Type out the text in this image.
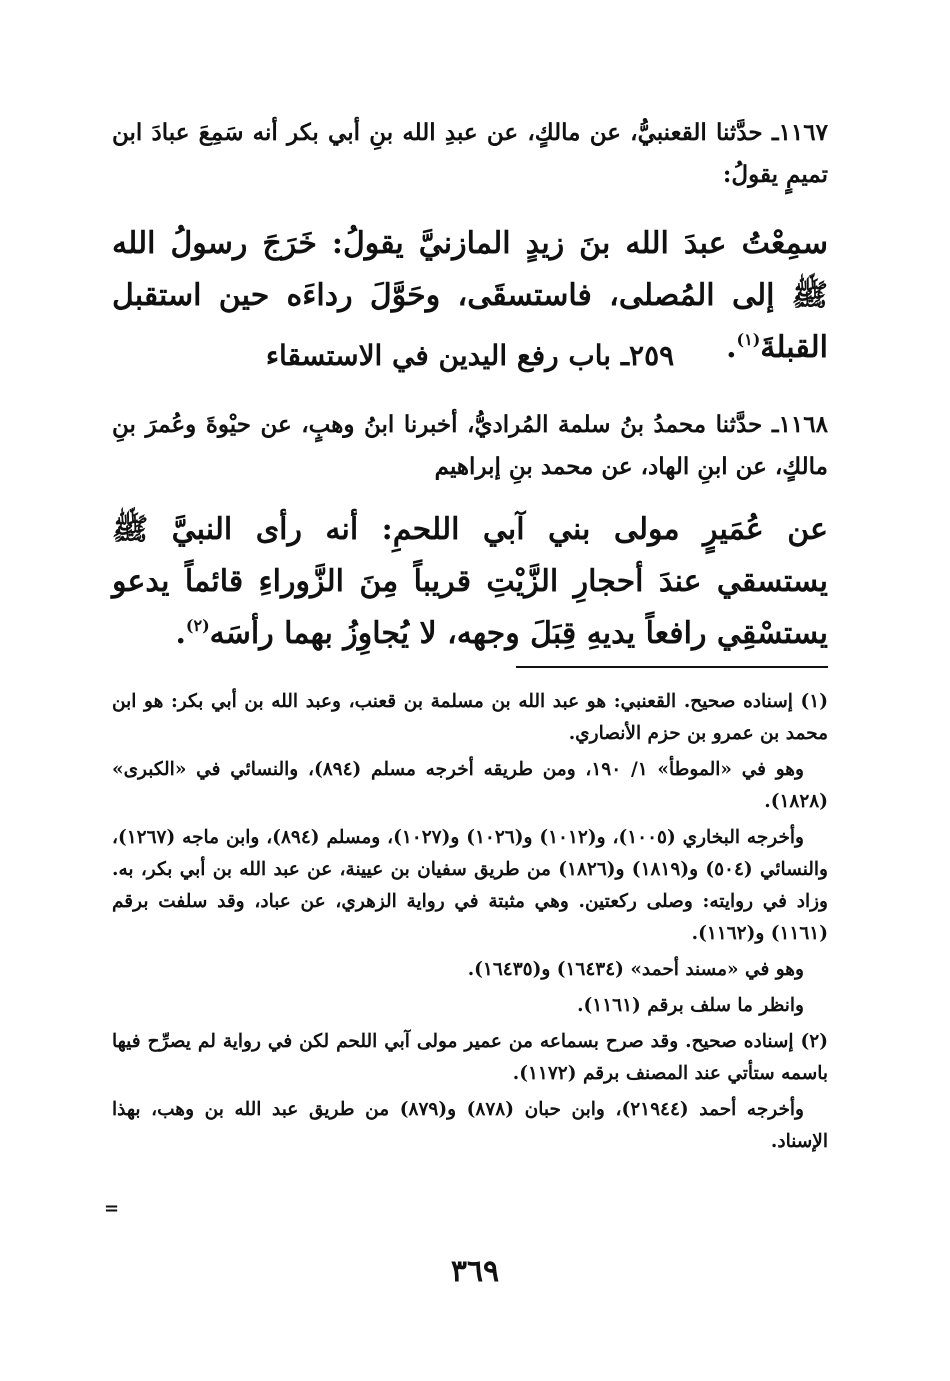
١١٦٧ـ حدَّثنا القعنبيُّ، عن مالكٍ، عن عبدِ الله بنِ أبي بكر أنه سَمِعَ عبادَ ابن تميمٍ يقولُ:
سمِعْتُ عبدَ الله بنَ زيدٍ المازنيَّ يقولُ: خَرَجَ رسولُ الله ﷺ إلى المُصلى، فاستسقَى، وحَوَّلَ رداءَه حين استقبل القبلةَ$^{(١)}$.
٢٥٩ـ باب رفع اليدين في الاستسقاء
١١٦٨ـ حدَّثنا محمدُ بنُ سلمة المُراديُّ، أخبرنا ابنُ وهبٍ، عن حيْوةَ وعُمرَ بنِ مالكٍ، عن ابنِ الهاد، عن محمد بنِ إبراهيم
عن عُمَيرٍ مولى بني آبي اللحمِ: أنه رأى النبيَّ ﷺ يستسقي عندَ أحجارِ الزَّيْتِ قريباً مِنَ الزَّوراءِ قائماً يدعو يستسْقِي رافعاً يديهِ قِبَلَ وجهه، لا يُجاوِزُ بهما رأسَه$^{(٢)}$.

(١) إسناده صحيح. القعنبي: هو عبد الله بن مسلمة بن قعنب، وعبد الله بن أبي بكر: هو ابن محمد بن عمرو بن حزم الأنصاري.

وهو في «الموطأ» ١/ ١٩٠، ومن طريقه أخرجه مسلم (٨٩٤)، والنسائي في «الكبرى» (١٨٢٨).

وأخرجه البخاري (١٠٠٥)، و(١٠١٢) و(١٠٢٦) و(١٠٢٧)، ومسلم (٨٩٤)، وابن ماجه (١٢٦٧)، والنسائي (٥٠٤) و(١٨١٩) و(١٨٢٦) من طريق سفيان بن عيينة، عن عبد الله بن أبي بكر، به. وزاد في روايته: وصلى ركعتين. وهي مثبتة في رواية الزهري، عن عباد، وقد سلفت برقم (١١٦١) و(١١٦٢).

وهو في «مسند أحمد» (١٦٤٣٤) و(١٦٤٣٥).

وانظر ما سلف برقم (١١٦١).

(٢) إسناده صحيح. وقد صرح بسماعه من عمير مولى آبي اللحم لكن في رواية لم يصرِّح فيها باسمه ستأتي عند المصنف برقم (١١٧٢).

وأخرجه أحمد (٢١٩٤٤)، وابن حبان (٨٧٨) و(٨٧٩) من طريق عبد الله بن وهب، بهذا الإسناد.

=
٣٦٩
